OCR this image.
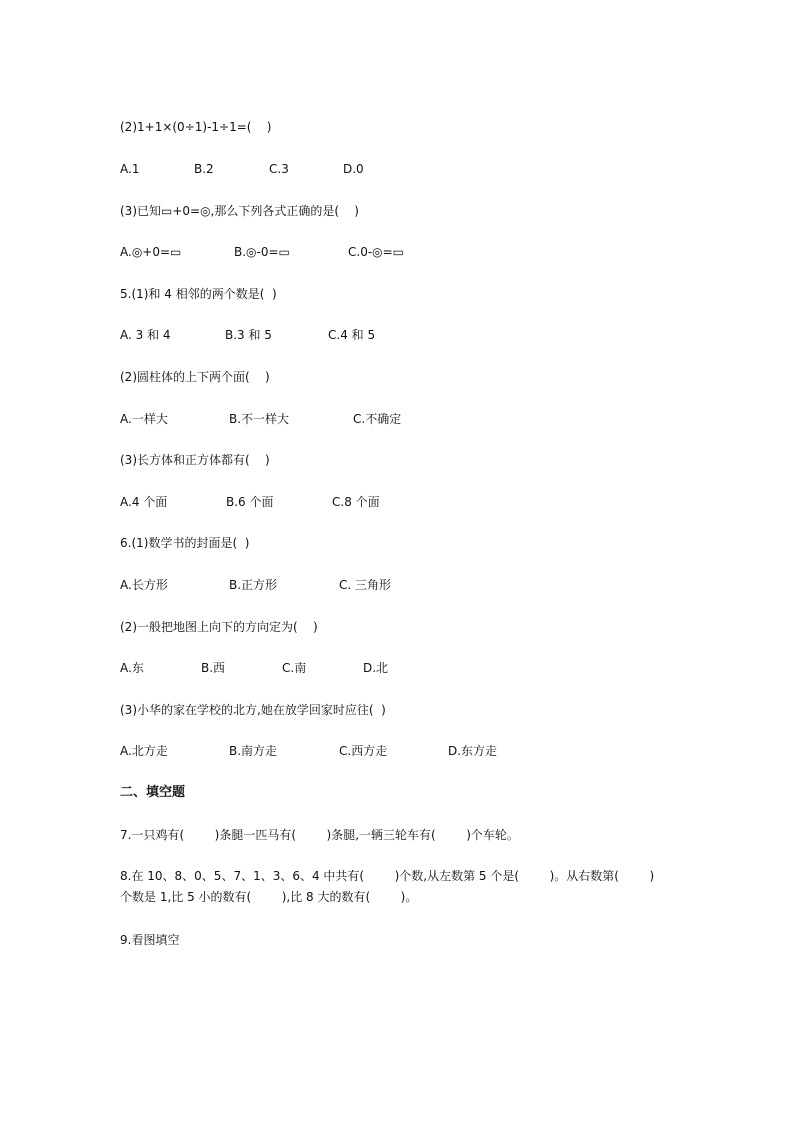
(2)1+1×(0÷1)-1÷1=(    )
A.1	B.2	C.3	D.0
(3)已知▭+0=◎,那么下列各式正确的是(    )
A.◎+0=▭	B.◎-0=▭	C.0-◎=▭
5.(1)和 4 相邻的两个数是(  )
A. 3 和 4	B.3 和 5	C.4 和 5
(2)圆柱体的上下两个面(    )
A.一样大	B.不一样大	C.不确定
(3)长方体和正方体都有(    )
A.4 个面	B.6 个面	C.8 个面
6.(1)数学书的封面是(  )
A.长方形	B.正方形	C. 三角形
(2)一般把地图上向下的方向定为(    )
A.东	B.西	C.南	D.北
(3)小华的家在学校的北方,她在放学回家时应往(  )
A.北方走	B.南方走	C.西方走	D.东方走
二、填空题
7.一只鸡有(        )条腿一匹马有(        )条腿,一辆三轮车有(        )个车轮。
8.在 10、8、0、5、7、1、3、6、4 中共有(        )个数,从左数第 5 个是(        )。从右数第(        )
个数是 1,比 5 小的数有(        ),比 8 大的数有(        )。
9.看图填空
